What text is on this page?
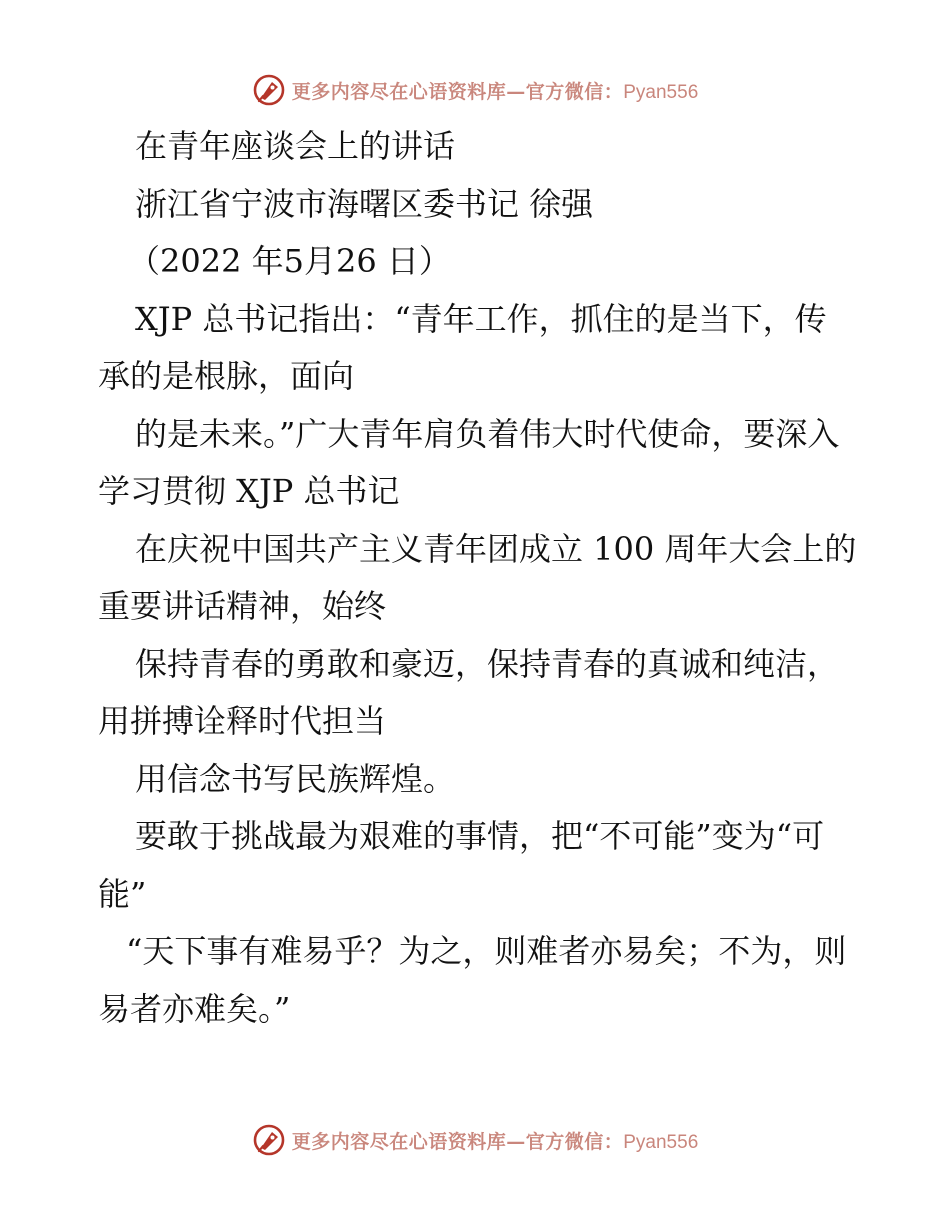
更多内容尽在心语资料库—官方微信：Pyan556

在青年座谈会上的讲话

浙江省宁波市海曙区委书记 徐强

（2022 年5月26 日）

XJP 总书记指出：“青年工作，抓住的是当下，传承的是根脉，面向

的是未来。”广大青年肩负着伟大时代使命，要深入学习贯彻 XJP 总书记

在庆祝中国共产主义青年团成立 100 周年大会上的重要讲话精神，始终

保持青春的勇敢和豪迈，保持青春的真诚和纯洁，用拼搏诠释时代担当

用信念书写民族辉煌。

要敢于挑战最为艰难的事情，把“不可能”变为“可能”

“天下事有难易乎？为之，则难者亦易矣；不为，则易者亦难矣。”

更多内容尽在心语资料库—官方微信：Pyan556
